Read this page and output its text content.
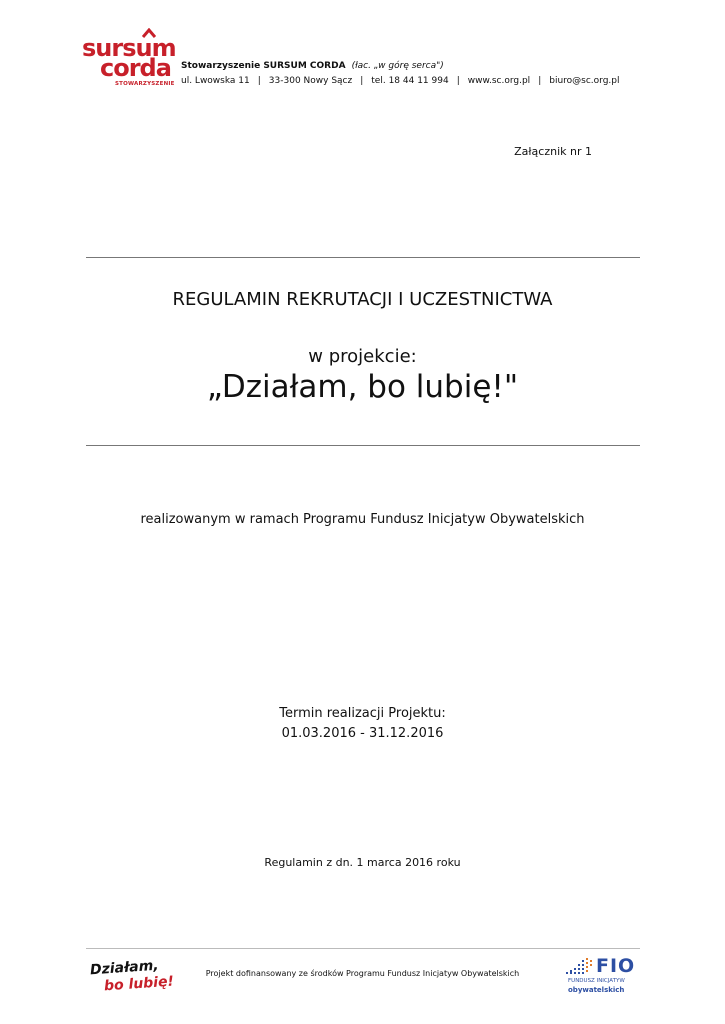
sursum
corda
STOWARZYSZENIE
Stowarzyszenie SURSUM CORDA (łac. „w górę serca")
ul. Lwowska 11 | 33-300 Nowy Sącz | tel. 18 44 11 994 | www.sc.org.pl | biuro@sc.org.pl
Załącznik nr 1
REGULAMIN REKRUTACJI I UCZESTNICTWA
w projekcie:
„Działam, bo lubię!"
realizowanym w ramach Programu Fundusz Inicjatyw Obywatelskich
Termin realizacji Projektu:
01.03.2016 - 31.12.2016
Regulamin z dn. 1 marca 2016 roku
Działam,
bo lubię!
Projekt dofinansowany ze środków Programu Fundusz Inicjatyw Obywatelskich	FIO
FUNDUSZ INICJATYW
obywatelskich
